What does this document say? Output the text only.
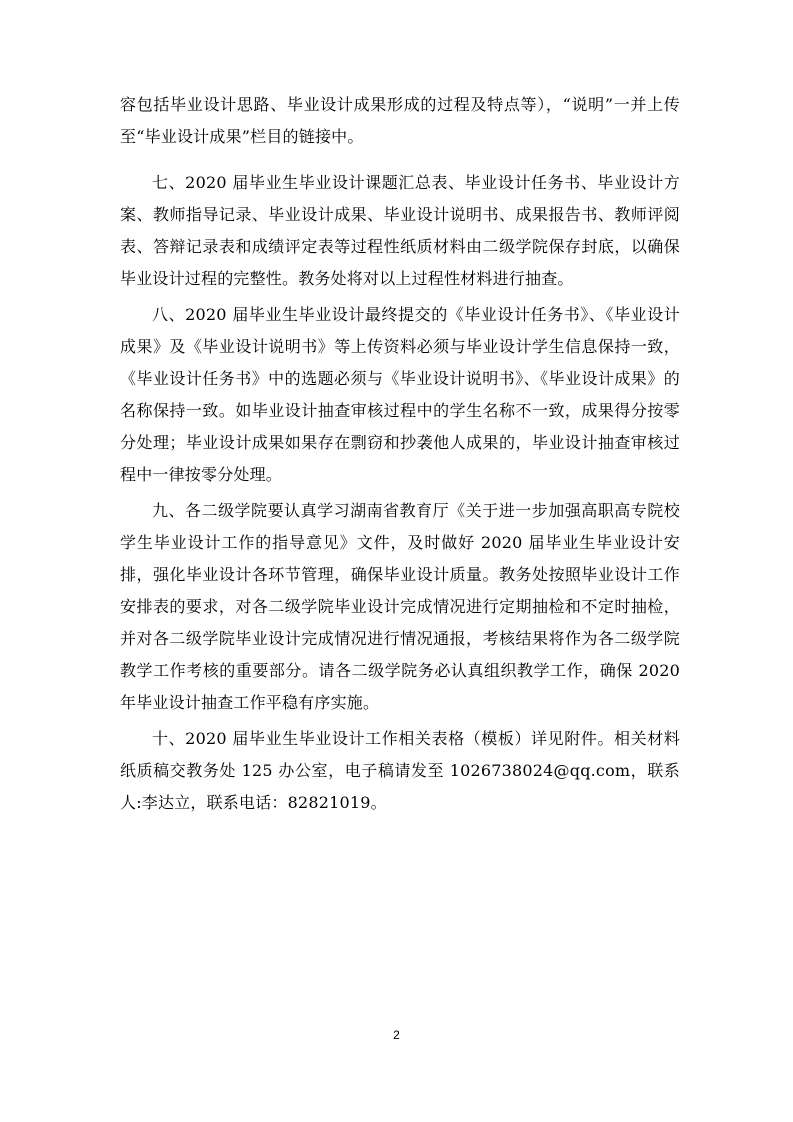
容包括毕业设计思路、毕业设计成果形成的过程及特点等），“说明”一并上传至“毕业设计成果”栏目的链接中。

七、2020 届毕业生毕业设计课题汇总表、毕业设计任务书、毕业设计方案、教师指导记录、毕业设计成果、毕业设计说明书、成果报告书、教师评阅表、答辩记录表和成绩评定表等过程性纸质材料由二级学院保存封底，以确保毕业设计过程的完整性。教务处将对以上过程性材料进行抽查。

八、2020 届毕业生毕业设计最终提交的《毕业设计任务书》、《毕业设计成果》及《毕业设计说明书》等上传资料必须与毕业设计学生信息保持一致，《毕业设计任务书》中的选题必须与《毕业设计说明书》、《毕业设计成果》的名称保持一致。如毕业设计抽查审核过程中的学生名称不一致，成果得分按零分处理；毕业设计成果如果存在剽窃和抄袭他人成果的，毕业设计抽查审核过程中一律按零分处理。

九、各二级学院要认真学习湖南省教育厅《关于进一步加强高职高专院校学生毕业设计工作的指导意见》文件，及时做好 2020 届毕业生毕业设计安排，强化毕业设计各环节管理，确保毕业设计质量。教务处按照毕业设计工作安排表的要求，对各二级学院毕业设计完成情况进行定期抽检和不定时抽检，并对各二级学院毕业设计完成情况进行情况通报，考核结果将作为各二级学院教学工作考核的重要部分。请各二级学院务必认真组织教学工作，确保 2020 年毕业设计抽查工作平稳有序实施。

十、2020 届毕业生毕业设计工作相关表格（模板）详见附件。相关材料纸质稿交教务处 125 办公室，电子稿请发至 1026738024@qq.com，联系人:李达立，联系电话：82821019。

2
